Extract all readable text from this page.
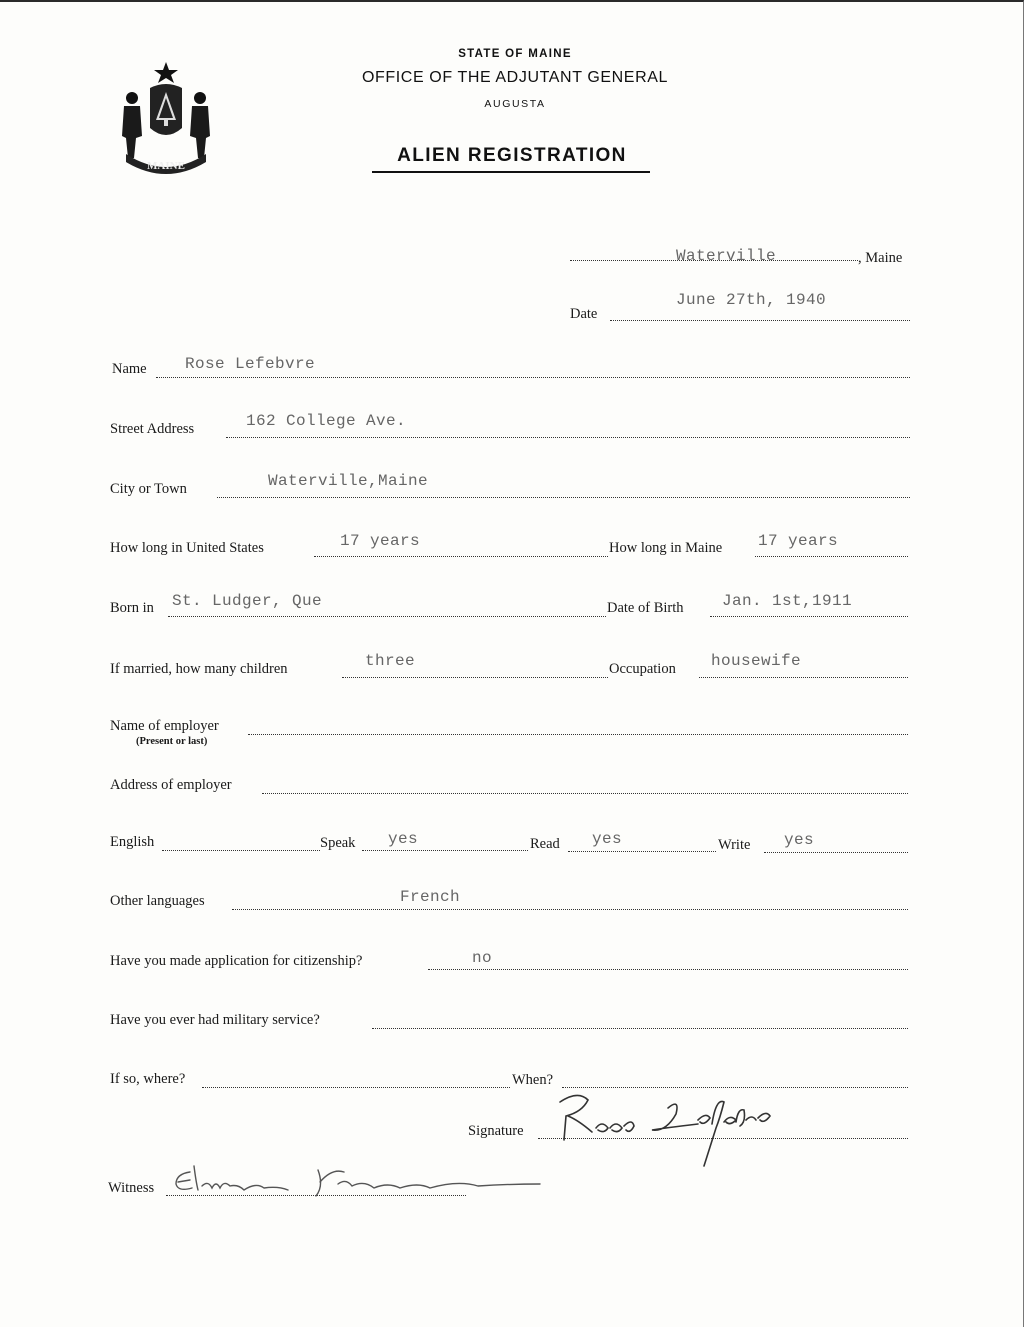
MAINE
STATE OF MAINE
OFFICE OF THE ADJUTANT GENERAL
AUGUSTA
ALIEN REGISTRATION
Waterville	, Maine
Date
June 27th, 1940
Name Rose Lefebvre
Street Address	162 College Ave.
City or Town	Waterville,Maine
How long in United States	17 years	How long in Maine 17 years
Born in St. Ludger, Que	Date of Birth Jan. 1st,1911
If married, how many children	three	Occupation housewife
Name of employer
(Present or last)
Address of employer
English	Speak yes	Read yes	Write yes
Other languages	French
Have you made application for citizenship?	no
Have you ever had military service?
If so, where?	When?
Signature
Witness
